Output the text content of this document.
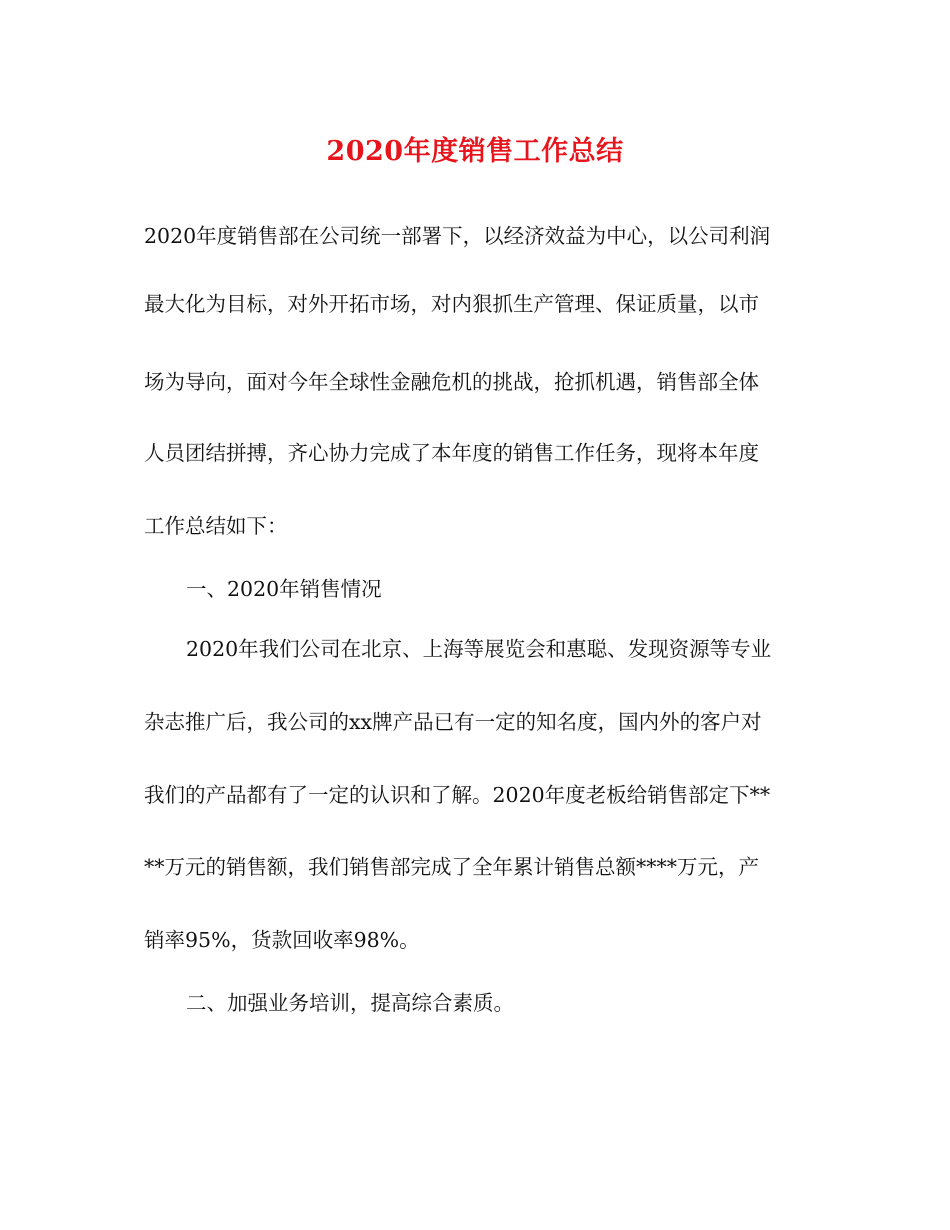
2020年度销售工作总结
2020年度销售部在公司统一部署下，以经济效益为中心，以公司利润
最大化为目标，对外开拓市场，对内狠抓生产管理、保证质量，以市
场为导向，面对今年全球性金融危机的挑战，抢抓机遇，销售部全体
人员团结拼搏，齐心协力完成了本年度的销售工作任务，现将本年度
工作总结如下：
一、2020年销售情况
2020年我们公司在北京、上海等展览会和惠聪、发现资源等专业
杂志推广后，我公司的xx牌产品已有一定的知名度，国内外的客户对
我们的产品都有了一定的认识和了解。2020年度老板给销售部定下**
**万元的销售额，我们销售部完成了全年累计销售总额****万元，产
销率95%，货款回收率98%。
二、加强业务培训，提高综合素质。
